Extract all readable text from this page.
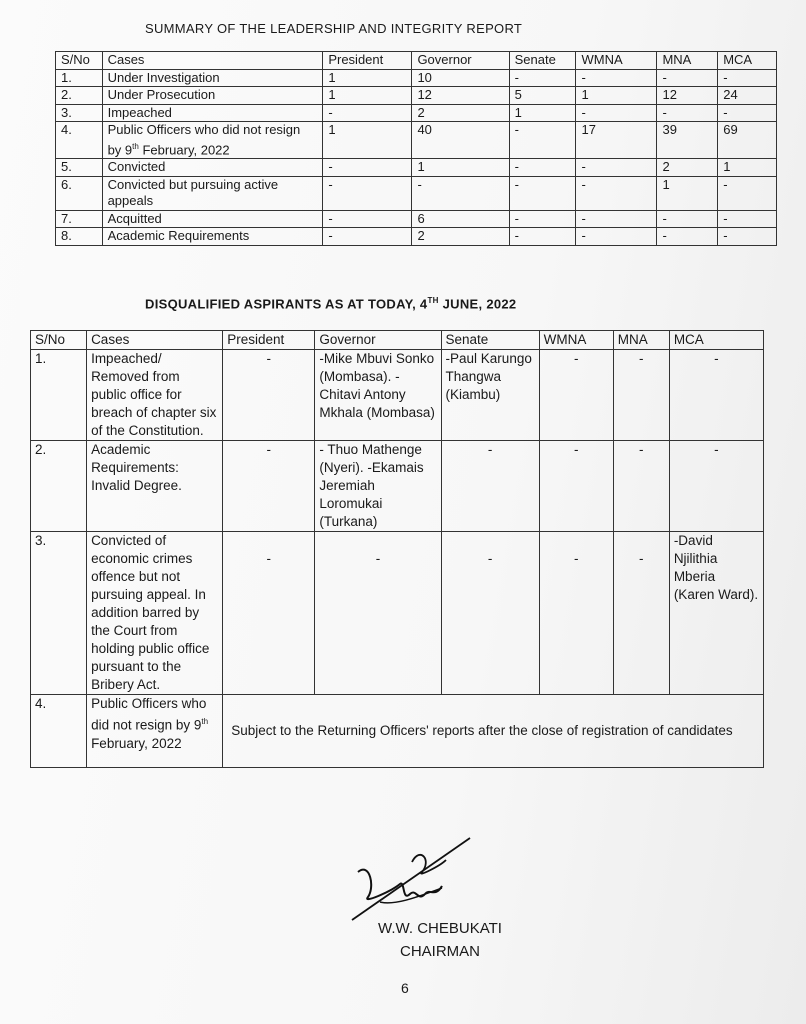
SUMMARY OF THE LEADERSHIP AND INTEGRITY REPORT
S/No	Cases	President	Governor	Senate	WMNA	MNA	MCA
1.	Under Investigation	1	10	-	-	-	-
2.	Under Prosecution	1	12	5	1	12	24
3.	Impeached	-	2	1	-	-	-
4.	Public Officers who did not resign by 9th February, 2022	1	40	-	17	39	69
5.	Convicted	-	1	-	-	2	1
6.	Convicted but pursuing active appeals	-	-	-	-	1	-
7.	Acquitted	-	6	-	-	-	-
8.	Academic Requirements	-	2	-	-	-	-
DISQUALIFIED ASPIRANTS AS AT TODAY, 4TH JUNE, 2022
S/No	Cases	President	Governor	Senate	WMNA	MNA	MCA
1.	Impeached/ Removed from public office for breach of chapter six of the Constitution.	-	-Mike Mbuvi Sonko (Mombasa). -Chitavi Antony Mkhala (Mombasa)	-Paul Karungo Thangwa (Kiambu)	-	-	-
2.	Academic Requirements: Invalid Degree.	-	- Thuo Mathenge (Nyeri). -Ekamais Jeremiah Loromukai (Turkana)	-	-	-	-
3.	Convicted of economic crimes offence but not pursuing appeal. In addition barred by the Court from holding public office pursuant to the Bribery Act.	-	-	-	-	-	-David Njilithia Mberia (Karen Ward).
4.	Public Officers who did not resign by 9th February, 2022	Subject to the Returning Officers' reports after the close of registration of candidates					
W.W. CHEBUKATI
CHAIRMAN
6
